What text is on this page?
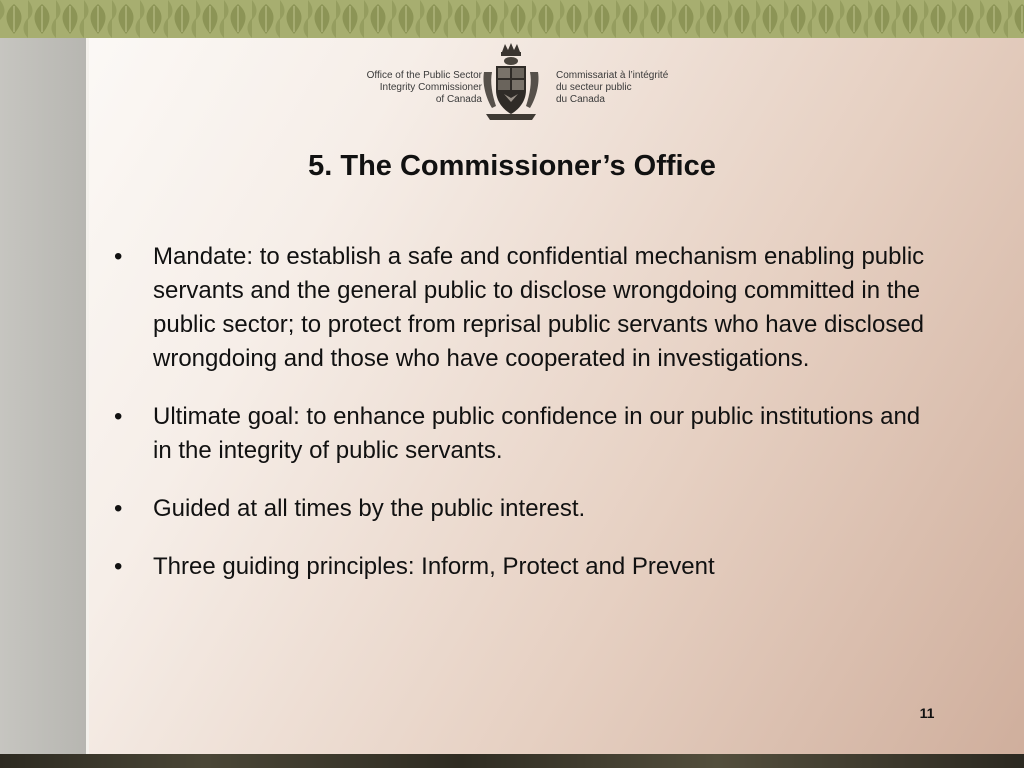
Office of the Public Sector
Integrity Commissioner
of Canada
Commissariat à l’intégrité
du secteur public
du Canada
5. The Commissioner’s Office
• Mandate: to establish a safe and confidential mechanism enabling public servants and the general public to disclose wrongdoing committed in the public sector; to protect from reprisal public servants who have disclosed wrongdoing and those who have cooperated in investigations.
• Ultimate goal: to enhance public confidence in our public institutions and in the integrity of public servants.
• Guided at all times by the public interest.
• Three guiding principles: Inform, Protect and Prevent
11
